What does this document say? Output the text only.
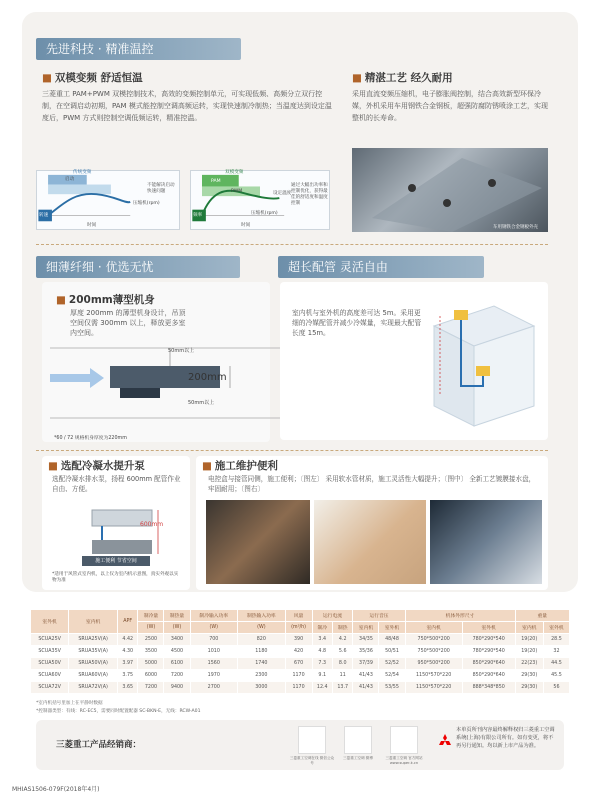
先进科技 · 精准温控
■ 双模变频 舒适恒温
三菱重工 PAM+PWM 双模控制技术，高效的变频控制单元，可实现低频、高频分立双行控制，在空调启动初期，PAM 模式能控制空调高频运转，实现快速制冷制热；当温度达到设定温度后，PWM 方式则控制空调低频运转，精准控温。
传统变频
启动
转速
压缩机(rpm)
时间
不能解决启动快速问题
双模变频
PAM
PWM	设定温度
频率	压缩机(rpm)
时间
通过大幅出功率和控制优化，获得最佳的舒适度和温度控制
■ 精湛工艺 经久耐用
采用直流变频压缩机，电子膨胀阀控制，结合高效新型环保冷媒，外机采用车用钢铁合金钢板，超强防腐防锈喷涂工艺，实现整机的长寿命。
车用钢铁合金钢板外壳
细薄纤细 · 优选无忧	超长配管 灵活自由
■ 200mm薄型机身
厚度 200mm 的薄型机身设计，吊顶空间仅需 300mm 以上，释放更多室内空间。
50mm以上
200mm
50mm以上
*60 / 72 规格机身厚度为220mm
室内机与室外机的高度差可达 5m。采用更细的冷媒配管并减少冷媒量，实现最大配管长度 15m。
■ 选配冷凝水提升泵
选配冷凝水排水泵，扬程 600mm 配管作业自由、方便。
600mm
施工便利 节省空间
*适用于风管式室内机，以上仅为室内机示意图，真实外观以实物为准
■ 施工维护便利
电控盒与接管同侧，施工便利；〔图左〕 采用软水管材质，施工灵活性大幅提升；〔图中〕 全新工艺镀膜接水盘，牢固耐用；〔图右〕
室外机	室内机	APF	制冷量	制热量	制冷输入功率	制热输入功率	风量	运行电流		运行音压		机体外形尺寸		重量	
			(W)	(W)	(W)	(W)	(m³/h)	制冷	制热	室内机	室外机	室内机	室外机	室内机	室外机
SCUA25V	SRUA25V(A)	4.42	2500	3400	700	820	390	3.4	4.2	34/35	48/48	750*500*200	780*290*540	19(20)	28.5
SCUA35V	SRUA35V(A)	4.30	3500	4500	1010	1180	420	4.8	5.6	35/36	50/51	750*500*200	780*290*540	19(20)	32
SCUA50V	SRUA50V(A)	3.97	5000	6100	1560	1740	670	7.3	8.0	37/39	52/52	950*500*200	850*290*640	22(23)	44.5
SCUA60V	SRUA60V(A)	3.75	6000	7200	1970	2300	1170	9.1	11	41/43	52/54	1150*570*220	850*290*640	29(30)	45.5
SCUA72V	SRUA72V(A)	3.65	7200	9400	2700	3000	1170	12.4	13.7	41/43	53/55	1150*570*220	888*348*850	29(30)	56
*室内机括号里加上在平静时数据
*控制器类型：有线：RC-EC5，需要同时配置配器 SC-BKN-E，无线：RCW-A01
三菱重工产品经销商：
三菱重工空调在线 微信公众号
三菱重工空调 微博	三菱重工空调 官方网站 www.super-k.cn
本单页所刊内容最终解释权归三菱重工空调系统(上海)有限公司所有。如有变更，将不再另行通知。均以新上市产品为准。
MHIAS1506-079F(2018年4月)
